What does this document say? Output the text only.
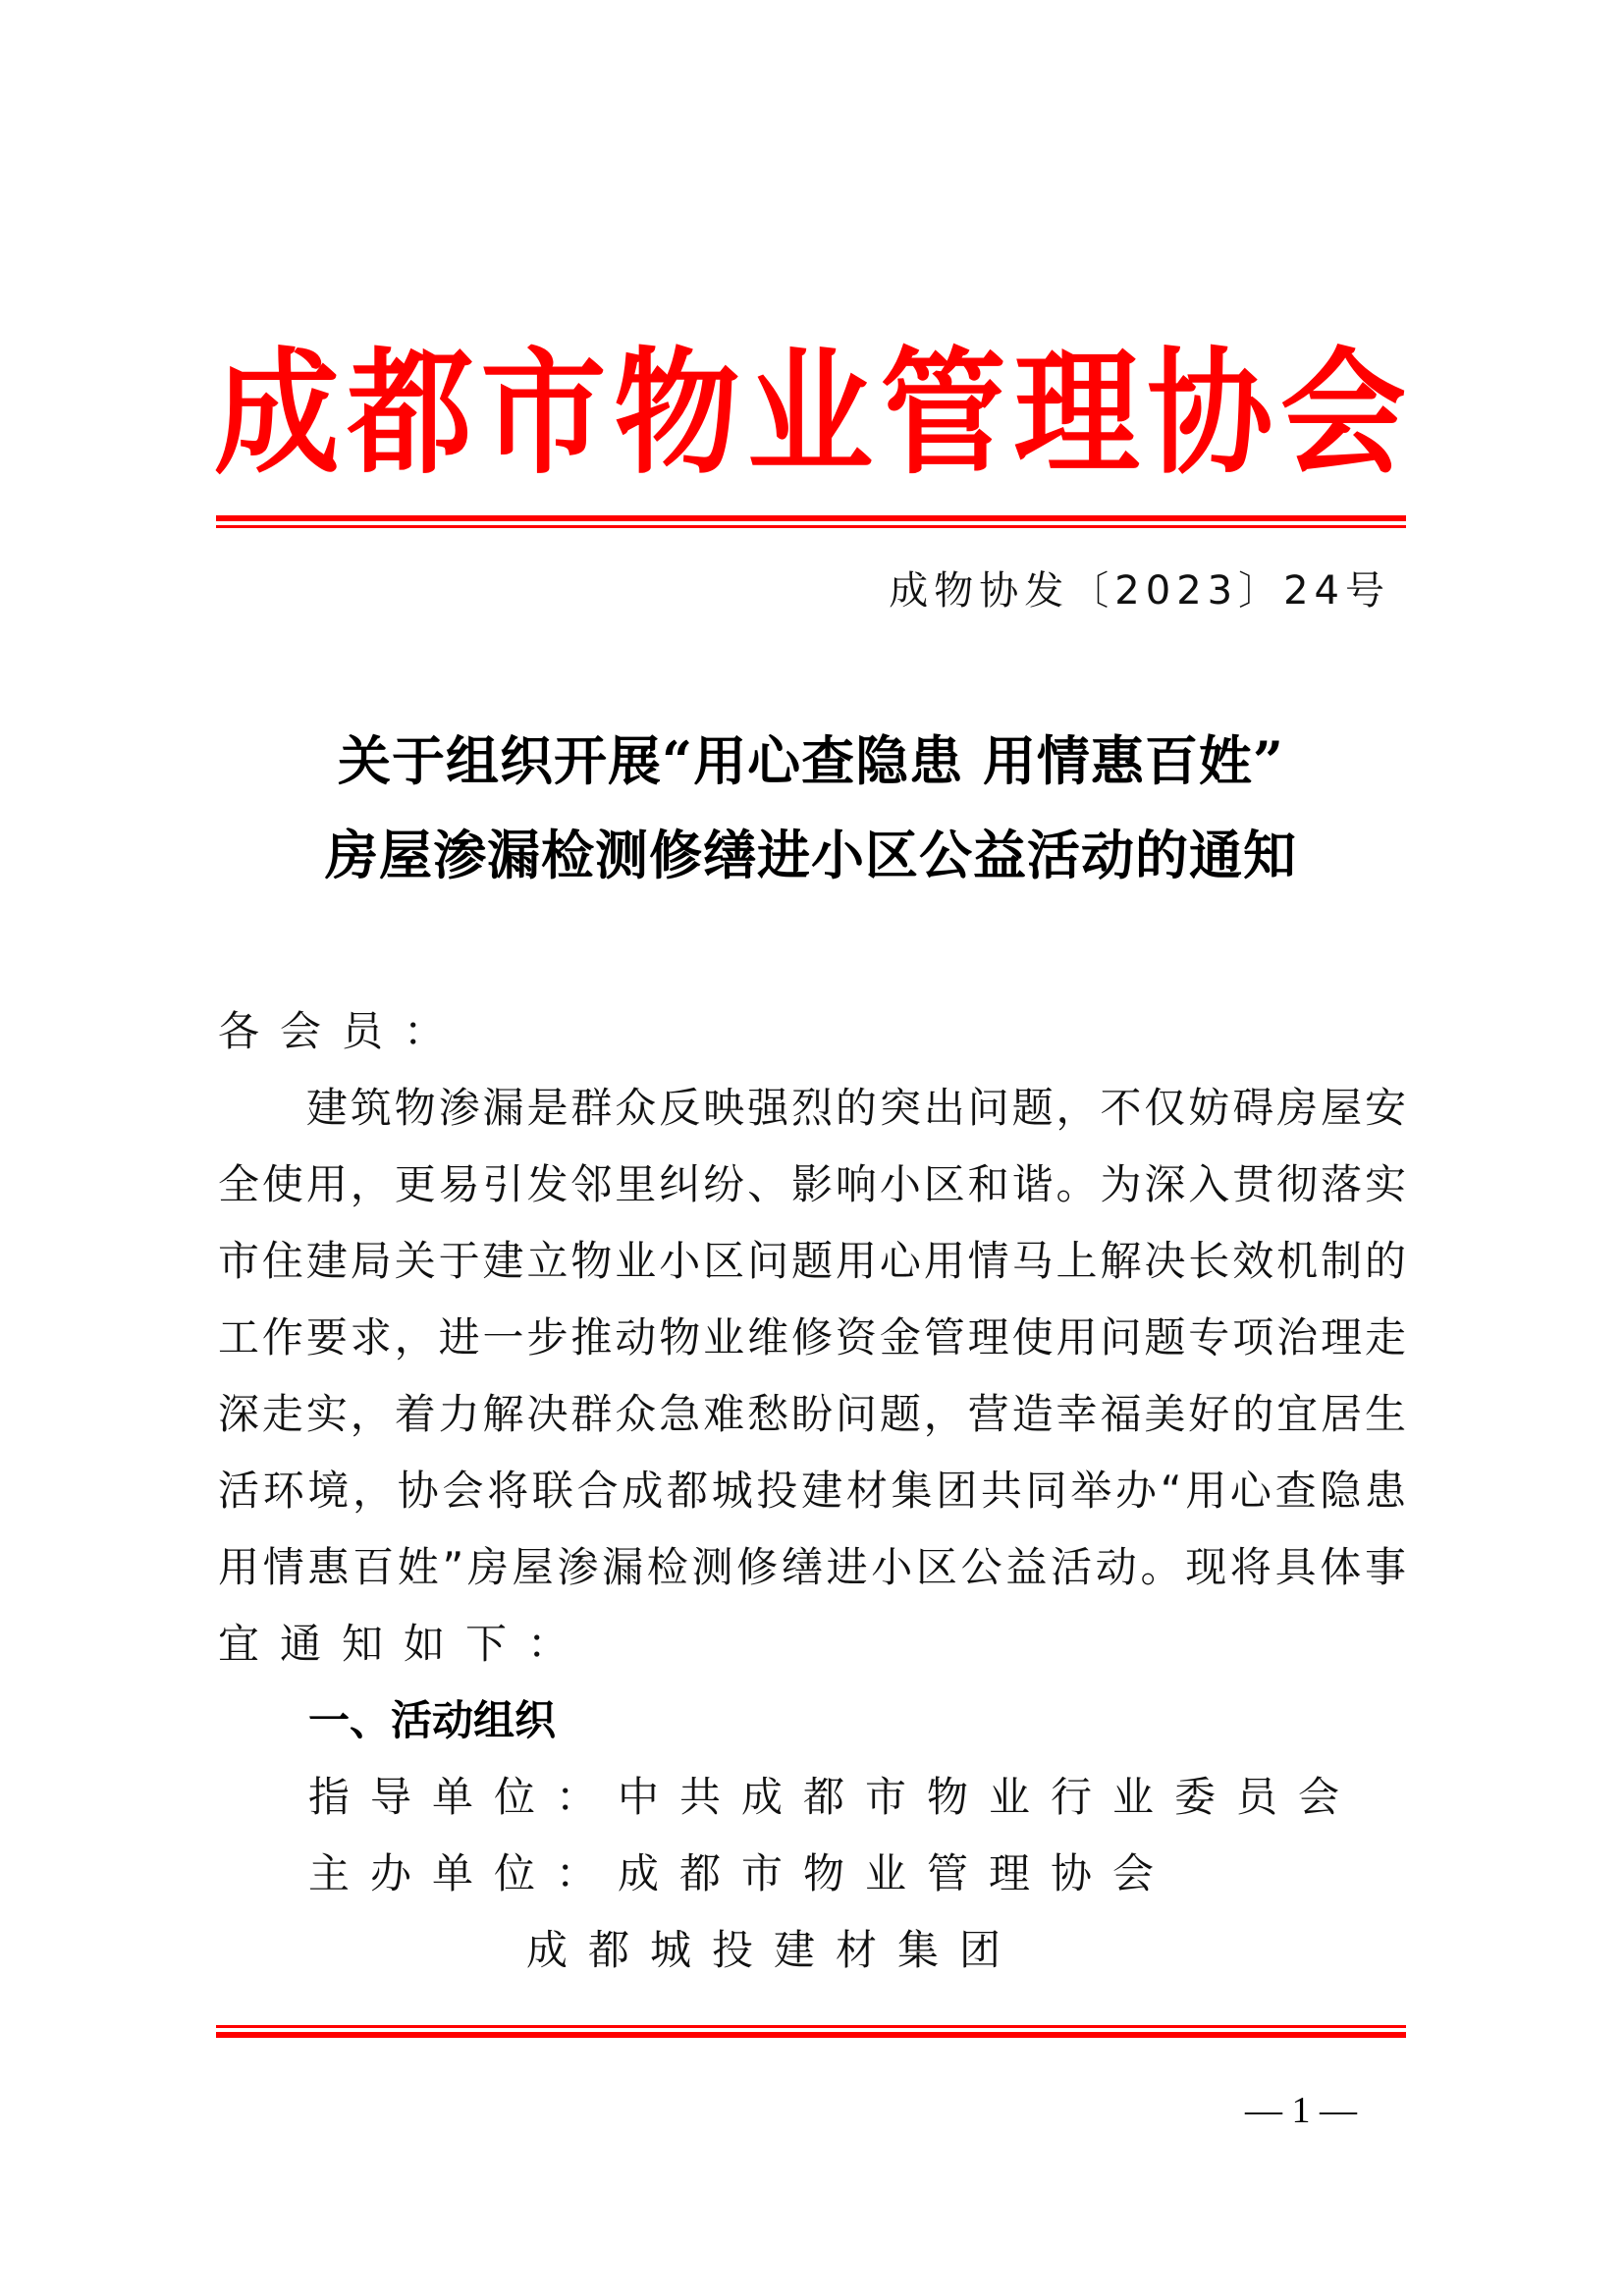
成都市物业管理协会
成物协发〔2023〕24号
关于组织开展“用心查隐患 用情惠百姓”
房屋渗漏检测修缮进小区公益活动的通知
各会员：
　　建筑物渗漏是群众反映强烈的突出问题，不仅妨碍房屋安
全使用，更易引发邻里纠纷、影响小区和谐。为深入贯彻落实
市住建局关于建立物业小区问题用心用情马上解决长效机制的
工作要求，进一步推动物业维修资金管理使用问题专项治理走
深走实，着力解决群众急难愁盼问题，营造幸福美好的宜居生
活环境，协会将联合成都城投建材集团共同举办“用心查隐患
用情惠百姓”房屋渗漏检测修缮进小区公益活动。现将具体事
宜通知如下：
一、活动组织
指导单位：中共成都市物业行业委员会
主办单位：成都市物业管理协会
成都城投建材集团
— 1 —
